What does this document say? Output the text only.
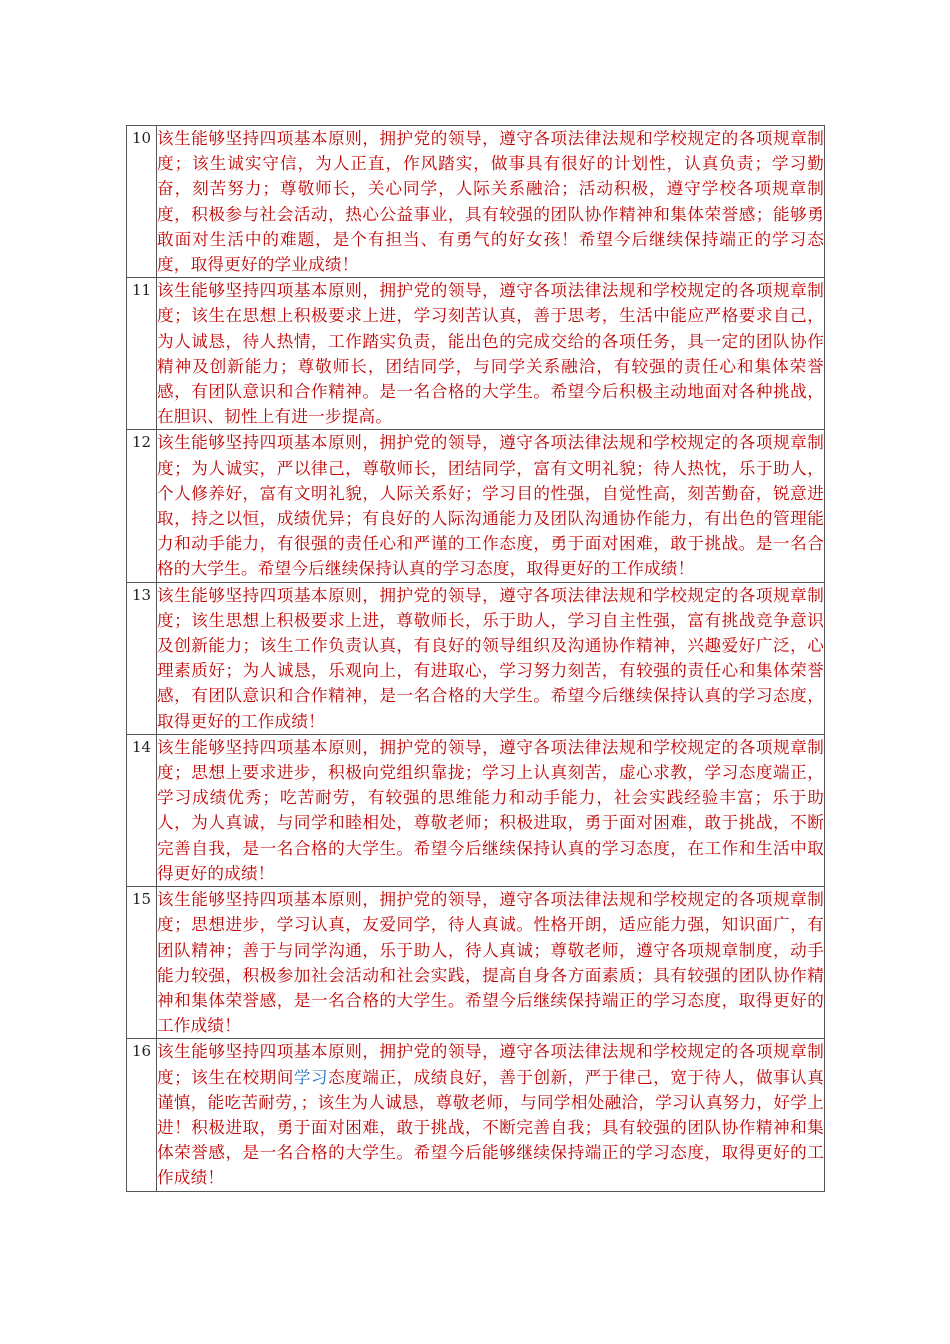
10	该生能够坚持四项基本原则，拥护党的领导，遵守各项法律法规和学校规定的各项规章制度；该生诚实守信，为人正直，作风踏实，做事具有很好的计划性，认真负责；学习勤奋，刻苦努力；尊敬师长，关心同学，人际关系融洽；活动积极，遵守学校各项规章制度，积极参与社会活动，热心公益事业，具有较强的团队协作精神和集体荣誉感；能够勇敢面对生活中的难题，是个有担当、有勇气的好女孩！希望今后继续保持端正的学习态度，取得更好的学业成绩！
11	该生能够坚持四项基本原则，拥护党的领导，遵守各项法律法规和学校规定的各项规章制度；该生在思想上积极要求上进，学习刻苦认真，善于思考，生活中能应严格要求自己，为人诚恳，待人热情，工作踏实负责，能出色的完成交给的各项任务，具一定的团队协作精神及创新能力；尊敬师长，团结同学，与同学关系融洽，有较强的责任心和集体荣誉感，有团队意识和合作精神。是一名合格的大学生。希望今后积极主动地面对各种挑战，在胆识、韧性上有进一步提高。
12	该生能够坚持四项基本原则，拥护党的领导，遵守各项法律法规和学校规定的各项规章制度；为人诚实，严以律己，尊敬师长，团结同学，富有文明礼貌；待人热忱，乐于助人，个人修养好，富有文明礼貌，人际关系好；学习目的性强，自觉性高，刻苦勤奋，锐意进取，持之以恒，成绩优异；有良好的人际沟通能力及团队沟通协作能力，有出色的管理能力和动手能力，有很强的责任心和严谨的工作态度，勇于面对困难，敢于挑战。是一名合格的大学生。希望今后继续保持认真的学习态度，取得更好的工作成绩！
13	该生能够坚持四项基本原则，拥护党的领导，遵守各项法律法规和学校规定的各项规章制度；该生思想上积极要求上进，尊敬师长，乐于助人，学习自主性强，富有挑战竞争意识及创新能力；该生工作负责认真，有良好的领导组织及沟通协作精神，兴趣爱好广泛，心理素质好；为人诚恳，乐观向上，有进取心，学习努力刻苦，有较强的责任心和集体荣誉感，有团队意识和合作精神，是一名合格的大学生。希望今后继续保持认真的学习态度，取得更好的工作成绩！
14	该生能够坚持四项基本原则，拥护党的领导，遵守各项法律法规和学校规定的各项规章制度；思想上要求进步，积极向党组织靠拢；学习上认真刻苦，虚心求教，学习态度端正，学习成绩优秀；吃苦耐劳，有较强的思维能力和动手能力，社会实践经验丰富；乐于助人，为人真诚，与同学和睦相处，尊敬老师；积极进取，勇于面对困难，敢于挑战，不断完善自我，是一名合格的大学生。希望今后继续保持认真的学习态度，在工作和生活中取得更好的成绩！
15	该生能够坚持四项基本原则，拥护党的领导，遵守各项法律法规和学校规定的各项规章制度；思想进步，学习认真，友爱同学，待人真诚。性格开朗，适应能力强，知识面广，有团队精神；善于与同学沟通，乐于助人，待人真诚；尊敬老师，遵守各项规章制度，动手能力较强，积极参加社会活动和社会实践，提高自身各方面素质；具有较强的团队协作精神和集体荣誉感，是一名合格的大学生。希望今后继续保持端正的学习态度，取得更好的工作成绩！
16	该生能够坚持四项基本原则，拥护党的领导，遵守各项法律法规和学校规定的各项规章制度；该生在校期间学习态度端正，成绩良好，善于创新，严于律己，宽于待人，做事认真谨慎，能吃苦耐劳，；该生为人诚恳，尊敬老师，与同学相处融洽，学习认真努力，好学上进！积极进取，勇于面对困难，敢于挑战，不断完善自我；具有较强的团队协作精神和集体荣誉感，是一名合格的大学生。希望今后能够继续保持端正的学习态度，取得更好的工作成绩！
